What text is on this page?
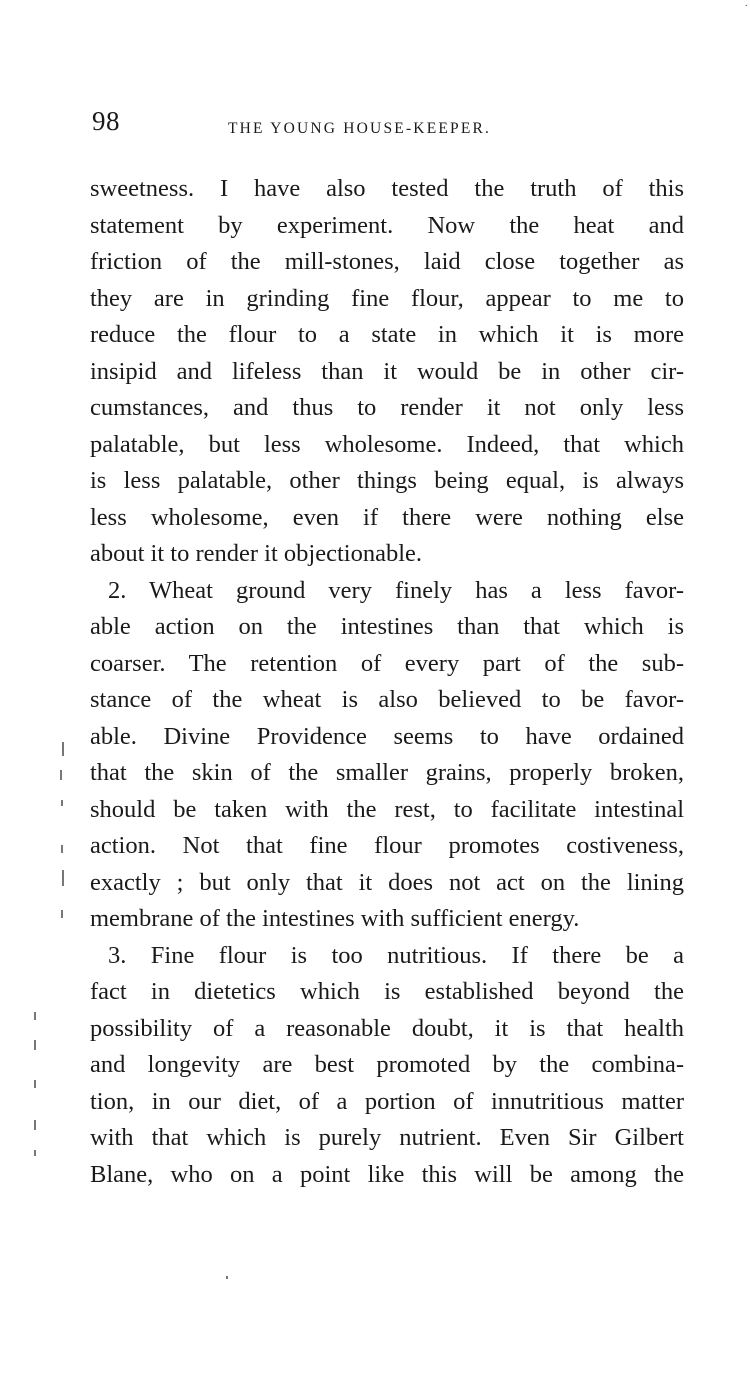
·
98	THE YOUNG HOUSE-KEEPER.
sweetness. I have also tested the truth of this
statement by experiment. Now the heat and
friction of the mill-stones, laid close together as
they are in grinding fine flour, appear to me to
reduce the flour to a state in which it is more
insipid and lifeless than it would be in other cir-
cumstances, and thus to render it not only less
palatable, but less wholesome. Indeed, that which
is less palatable, other things being equal, is always
less wholesome, even if there were nothing else
about it to render it objectionable.
2. Wheat ground very finely has a less favor-
able action on the intestines than that which is
coarser. The retention of every part of the sub-
stance of the wheat is also believed to be favor-
able. Divine Providence seems to have ordained
that the skin of the smaller grains, properly broken,
should be taken with the rest, to facilitate intestinal
action. Not that fine flour promotes costiveness,
exactly ; but only that it does not act on the lining
membrane of the intestines with sufficient energy.
3. Fine flour is too nutritious. If there be a
fact in dietetics which is established beyond the
possibility of a reasonable doubt, it is that health
and longevity are best promoted by the combina-
tion, in our diet, of a portion of innutritious matter
with that which is purely nutrient. Even Sir Gilbert
Blane, who on a point like this will be among the
